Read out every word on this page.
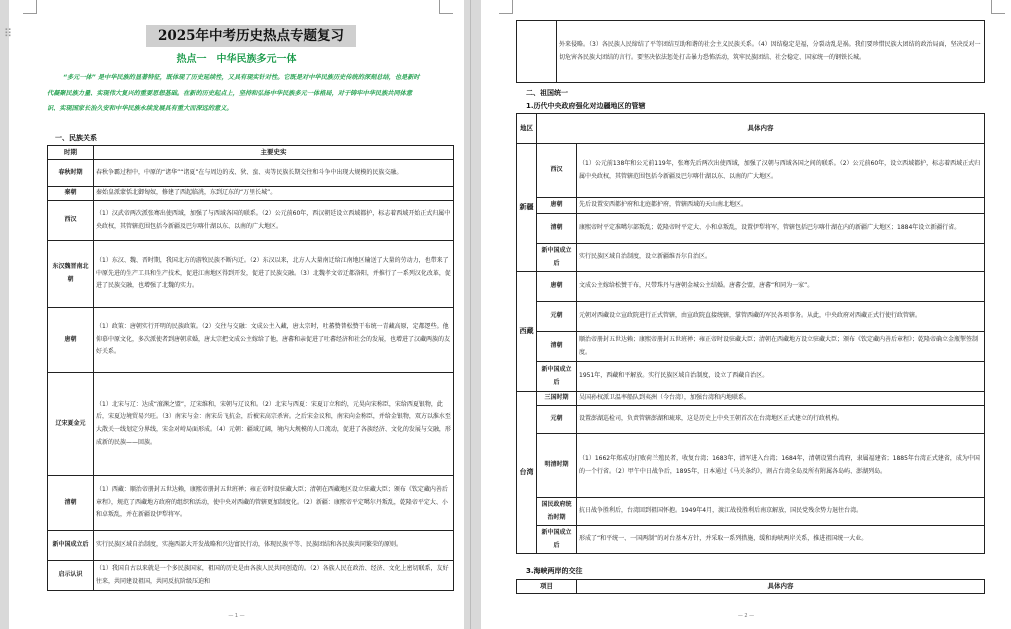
2025年中考历史热点专题复习
热点一　中华民族多元一体
“多元一体” 是中华民族的显著特征，既体现了历史延续性，又具有现实针对性。它既是对中华民族历史传统的深刻总结，也是新时代凝聚民族力量、实现伟大复兴的重要思想基础。在新的历史起点上，坚持和弘扬中华民族多元一体格局，对于铸牢中华民族共同体意识、实现国家长治久安和中华民族永续发展具有重大而深远的意义。
一、民族关系
时期	主要史实
春秋时期	春秋争霸过程中，中原的“诸华”“诸夏”在与周边的戎、狄、蛮、夷等民族长期交往和斗争中出现大规模的民族交融。
秦朝	秦始皇派蒙恬北御匈奴，修建了西起临洮，东到辽东的“万里长城”。
西汉	（1）汉武帝两次派张骞出使西域，加强了与西域各国的联系。（2）公元前60年，西汉朝廷设立西域都护，标志着西域开始正式归属中央政权，其管辖范围包括今新疆及巴尔喀什湖以东、以南的广大地区。
东汉魏晋南北朝	（1）东汉、魏、晋时期，我国北方的游牧民族不断内迁。（2）东汉以来，北方人大量南迁给江南地区输送了大量的劳动力，也带来了中原先进的生产工具和生产技术，促进江南地区得到开发，促进了民族交融。（3）北魏孝文帝迁都洛阳，并推行了一系列汉化改革，促进了民族交融，也增强了北魏的实力。
唐朝	（1）政策：唐朝实行开明的民族政策。（2）交往与交融：文成公主入藏，唐太宗时，吐蕃赞普松赞干布统一青藏高原，定都逻些。他仰慕中原文化，多次派使者到唐朝求婚，唐太宗把文成公主嫁给了他，唐蕃和亲促进了吐蕃经济和社会的发展，也增进了汉藏两族的友好关系。
辽宋夏金元	（1）北宋与辽：达成“澶渊之盟”，辽宋维和，宋朝与辽议和。（2）北宋与西夏：宋夏订立和约，元昊向宋称臣，宋给西夏银物，此后，宋夏边境贸易兴旺。（3）南宋与金：南宋岳飞抗金，后被宋高宗杀害。之后宋金议和，南宋向金称臣，并给金银物，双方以淮水至大散关一线划定分界线，宋金对峙局面形成。（4）元朝：疆域辽阔，境内大规模的人口流动，促进了各族经济、文化的发展与交融，形成新的民族——回族。
清朝	（1）西藏：顺治帝册封五世达赖，康熙帝册封五世班禅；雍正帝时设驻藏大臣；清朝在西藏地区设立驻藏大臣；颁布《钦定藏内善后章程》，规范了西藏地方政府的组织和活动，使中央对西藏的管辖更加制度化。（2）新疆：康熙帝平定噶尔丹叛乱，乾隆帝平定大、小和卓叛乱，并在新疆设伊犁将军。
新中国成立后	实行民族区域自治制度，实施西部大开发战略和兴边富民行动，体现民族平等、民族团结和各民族共同繁荣的原则。
启示认识	（1）我国自古以来就是一个多民族国家，祖国的历史是由各族人民共同创造的。（2）各族人民在政治、经济、文化上密切联系，友好往来，共同建设祖国，共同反抗阶级压迫和
— 1 —
⠿
	外来侵略。（3）各民族人民缔结了平等团结互助和谐的社会主义民族关系。（4）因结稳定是福，分裂动乱是祸。我们要珍惜民族大团结的政治局面，坚决反对一切危害各民族大团结的言行。要坚决依法惩处打击暴力恐怖活动，筑牢民族团结、社会稳定、国家统一的钢铁长城。
二、祖国统一
1.历代中央政府强化对边疆地区的管辖
地区	具体内容	
新疆	西汉	（1）公元前138年和公元前119年，张骞先后两次出使西域，加强了汉朝与西域各国之间的联系。（2）公元前60年，设立西域都护，标志着西域正式归属中央政权，其管辖范围包括今新疆及巴尔喀什湖以东、以南的广大地区。
	唐朝	先后设置安西都护府和北庭都护府，管辖西域的天山南北地区。
	清朝	康熙帝时平定准噶尔部叛乱；乾隆帝时平定大、小和卓叛乱，设置伊犁将军，管辖包括巴尔喀什湖在内的新疆广大地区；1884年设立新疆行省。
	新中国成立后	实行民族区域自治制度，设立新疆维吾尔自治区。
西藏	唐朝	文成公主嫁给松赞干布，尺带珠丹与唐朝金城公主结婚。唐蕃会盟，唐蕃“和同为一家”。
	元朝	元朝对西藏设立宣政院进行正式管辖，由宣政院直接统辖，掌管西藏的军民各项事务。从此，中央政府对西藏正式行使行政管辖。
	清朝	顺治帝册封五世达赖；康熙帝册封五世班禅；雍正帝时设驻藏大臣；清朝在西藏地方设立驻藏大臣；颁布《钦定藏内善后章程》；乾隆帝确立金瓶掣签制度。
	新中国成立后	1951年，西藏和平解放。实行民族区域自治制度，设立了西藏自治区。
台湾	三国时期	吴国孙权派卫温率船队到夷洲（今台湾），加强台湾和内地联系。
	元朝	设置澎湖巡检司，负责管辖澎湖和琉球，这是历史上中央王朝首次在台湾地区正式建立的行政机构。
	明清时期	（1）1662年郑成功打败荷兰殖民者，收复台湾；1683年，清军进入台湾；1684年，清朝设置台湾府，隶属福建省；1885年台湾正式建省，成为中国的一个行省。（2）甲午中日战争后，1895年，日本通过《马关条约》，割占台湾全岛及所有附属各岛屿、澎湖列岛。
	国民政府统治时期	抗日战争胜利后，台湾回到祖国怀抱。1949年4月，渡江战役胜利后南京解放，国民党残余势力退往台湾。
	新中国成立后	形成了“和平统一、一国两制”的对台基本方针，并采取一系列措施，缓和海峡两岸关系，推进祖国统一大业。
3.海峡两岸的交往
项目	具体内容
— 2 —
